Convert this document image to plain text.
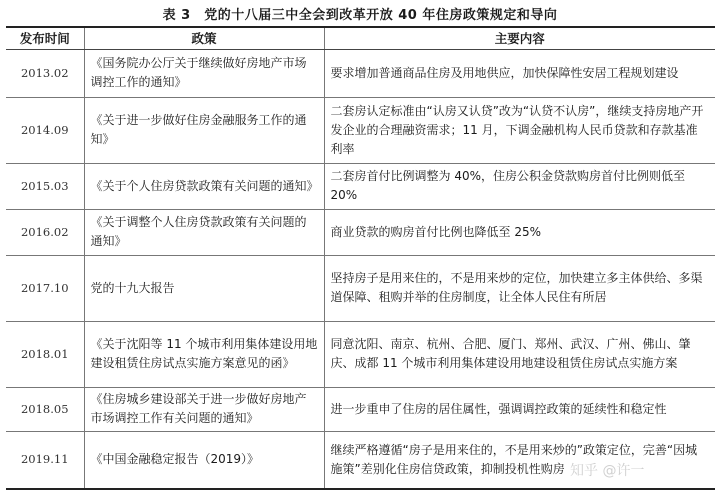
表 3　党的十八届三中全会到改革开放 40 年住房政策规定和导向
发布时间	政策	主要内容
2013.02	《国务院办公厅关于继续做好房地产市场调控工作的通知》	要求增加普通商品住房及用地供应，加快保障性安居工程规划建设
2014.09	《关于进一步做好住房金融服务工作的通知》	二套房认定标准由“认房又认贷”改为“认贷不认房”，继续支持房地产开发企业的合理融资需求；11 月，下调金融机构人民币贷款和存款基准利率
2015.03	《关于个人住房贷款政策有关问题的通知》	二套房首付比例调整为 40%，住房公积金贷款购房首付比例则低至 20%
2016.02	《关于调整个人住房贷款政策有关问题的通知》	商业贷款的购房首付比例也降低至 25%
2017.10	党的十九大报告	坚持房子是用来住的，不是用来炒的定位，加快建立多主体供给、多渠道保障、租购并举的住房制度，让全体人民住有所居
2018.01	《关于沈阳等 11 个城市利用集体建设用地建设租赁住房试点实施方案意见的函》	同意沈阳、南京、杭州、合肥、厦门、郑州、武汉、广州、佛山、肇庆、成都 11 个城市利用集体建设用地建设租赁住房试点实施方案
2018.05	《住房城乡建设部关于进一步做好房地产市场调控工作有关问题的通知》	进一步重申了住房的居住属性，强调调控政策的延续性和稳定性
2019.11	《中国金融稳定报告（2019）》	继续严格遵循“房子是用来住的，不是用来炒的”政策定位，完善“因城施策”差别化住房信贷政策，抑制投机性购房 知乎 @许一
